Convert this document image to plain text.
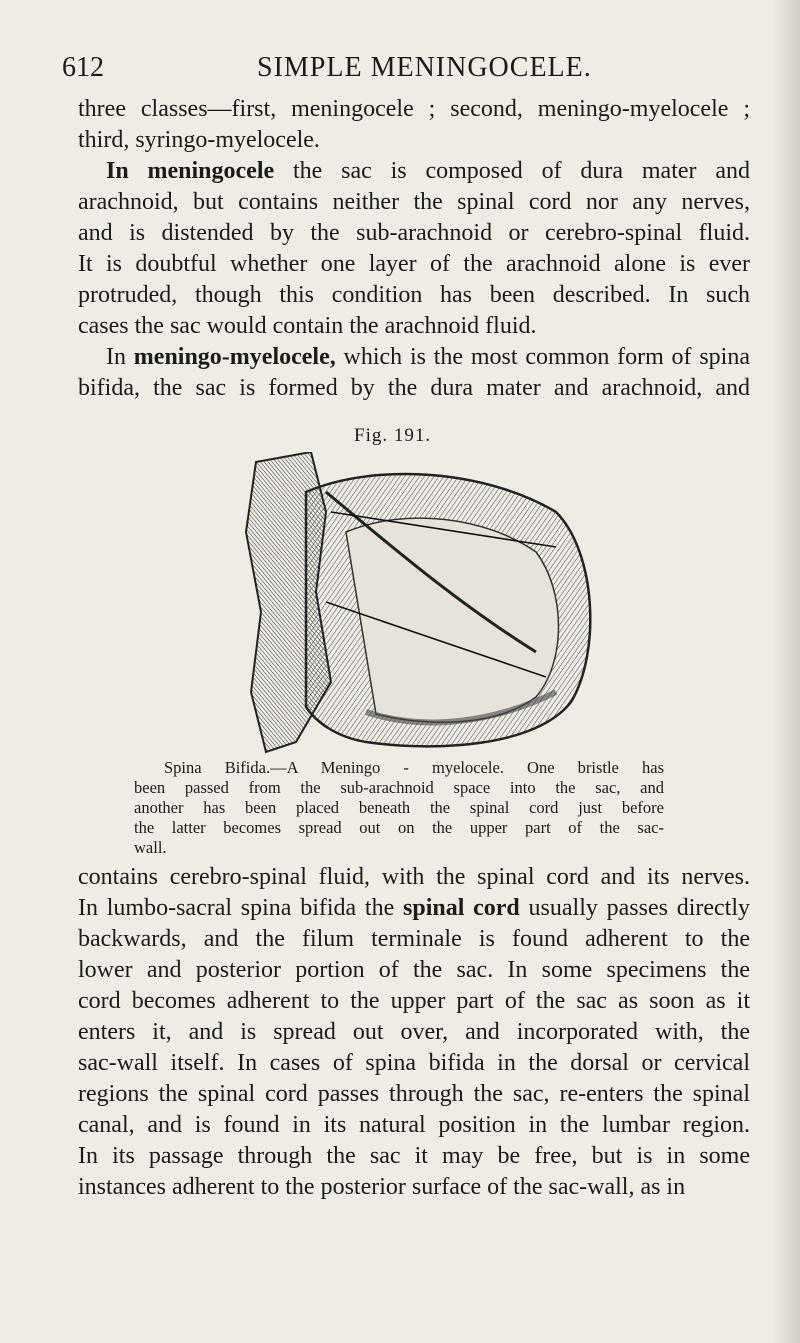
612	SIMPLE MENINGOCELE.

three classes—first, meningocele ; second, meningo-myelocele ;
third, syringo-myelocele.

In meningocele the sac is composed of dura mater and
arachnoid, but contains neither the spinal cord nor any nerves,
and is distended by the sub-arachnoid or cerebro-spinal fluid.
It is doubtful whether one layer of the arachnoid alone is ever
protruded, though this condition has been described. In such
cases the sac would contain the arachnoid fluid.

In meningo-myelocele, which is the most common form of spina
bifida, the sac is formed by the dura mater and arachnoid, and

Fig. 191.

Spina Bifida.—A Meningo - myelocele. One bristle has
been passed from the sub-arachnoid space into the sac, and
another has been placed beneath the spinal cord just before
the latter becomes spread out on the upper part of the sac-
wall.

contains cerebro-spinal fluid, with the spinal cord and its nerves.
In lumbo-sacral spina bifida the spinal cord usually passes directly
backwards, and the filum terminale is found adherent to the
lower and posterior portion of the sac. In some specimens the
cord becomes adherent to the upper part of the sac as soon as it
enters it, and is spread out over, and incorporated with, the
sac-wall itself. In cases of spina bifida in the dorsal or cervical
regions the spinal cord passes through the sac, re-enters the spinal
canal, and is found in its natural position in the lumbar region.
In its passage through the sac it may be free, but is in some
instances adherent to the posterior surface of the sac-wall, as in
